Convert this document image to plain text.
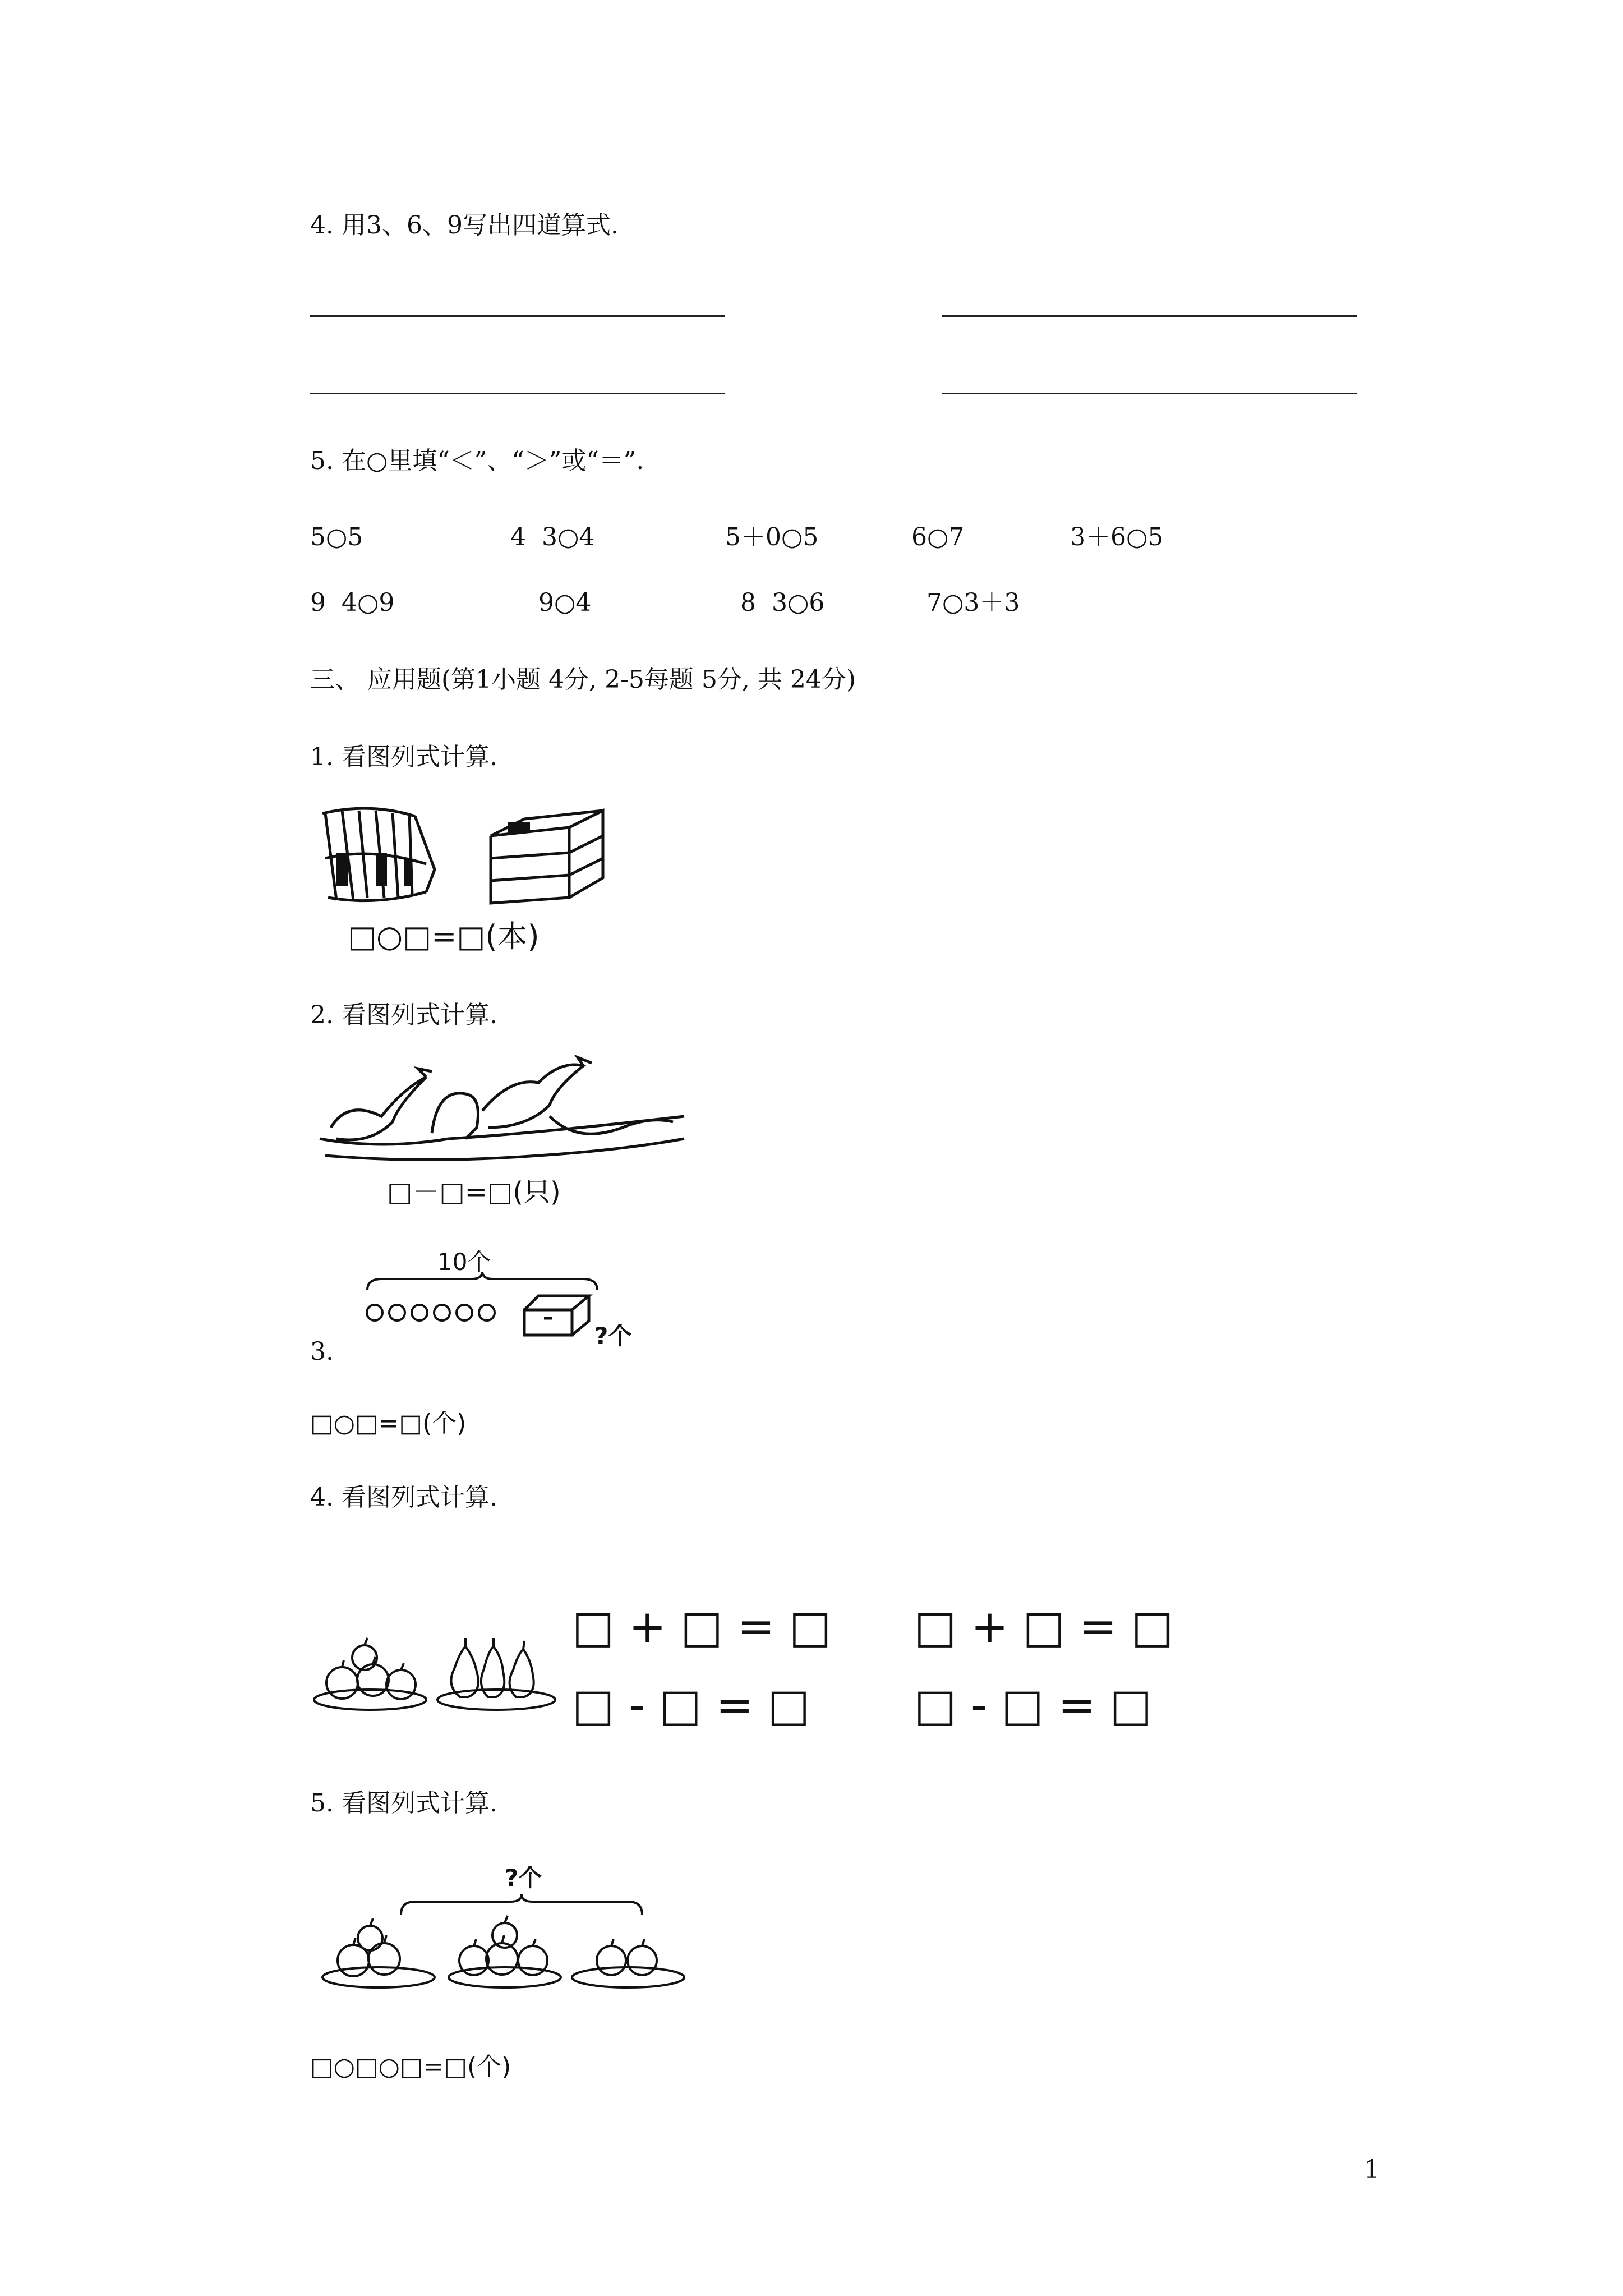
4. 用3、6、9写出四道算式.
5. 在○里填“＜”、“＞”或“＝”.
5○5	4  3○4	5＋0○5	6○7	3＋6○5
9  4○9	9○4	8  3○6	7○3＋3
三、 应用题(第1小题 4分, 2-5每题 5分, 共 24分)
1. 看图列式计算.
□○□=□(本)
2. 看图列式计算.
□－□=□(只)
10个
?个
3.
□○□=□(个)
4. 看图列式计算.
□ + □ = □ □ + □ = □
□ - □ = □ □ - □ = □
5. 看图列式计算.
?个
□○□○□=□(个)
1
